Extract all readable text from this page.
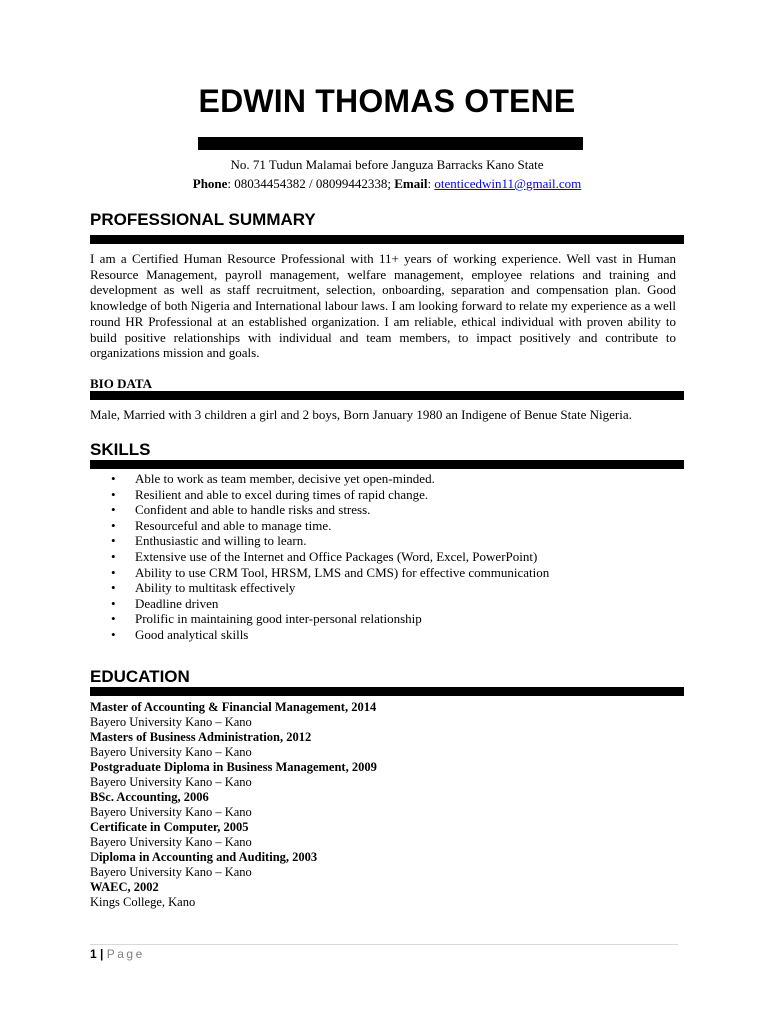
EDWIN THOMAS OTENE
No. 71 Tudun Malamai before Janguza Barracks Kano State
Phone: 08034454382 / 08099442338; Email: otenticedwin11@gmail.com
PROFESSIONAL SUMMARY
I am a Certified Human Resource Professional with 11+ years of working experience. Well vast in Human Resource Management, payroll management, welfare management, employee relations and training and development as well as staff recruitment, selection, onboarding, separation and compensation plan. Good knowledge of both Nigeria and International labour laws. I am looking forward to relate my experience as a well round HR Professional at an established organization. I am reliable, ethical individual with proven ability to build positive relationships with individual and team members, to impact positively and contribute to organizations mission and goals.
BIO DATA
Male, Married with 3 children a girl and 2 boys, Born January 1980 an Indigene of Benue State Nigeria.
SKILLS
• Able to work as team member, decisive yet open-minded.
• Resilient and able to excel during times of rapid change.
• Confident and able to handle risks and stress.
• Resourceful and able to manage time.
• Enthusiastic and willing to learn.
• Extensive use of the Internet and Office Packages (Word, Excel, PowerPoint)
• Ability to use CRM Tool, HRSM, LMS and CMS) for effective communication
• Ability to multitask effectively
• Deadline driven
• Prolific in maintaining good inter-personal relationship
• Good analytical skills
EDUCATION
Master of Accounting & Financial Management, 2014
Bayero University Kano – Kano
Masters of Business Administration, 2012
Bayero University Kano – Kano
Postgraduate Diploma in Business Management, 2009
Bayero University Kano – Kano
BSc. Accounting, 2006
Bayero University Kano – Kano
Certificate in Computer, 2005
Bayero University Kano – Kano
Diploma in Accounting and Auditing, 2003
Bayero University Kano – Kano
WAEC, 2002
Kings College, Kano
1 | Page
